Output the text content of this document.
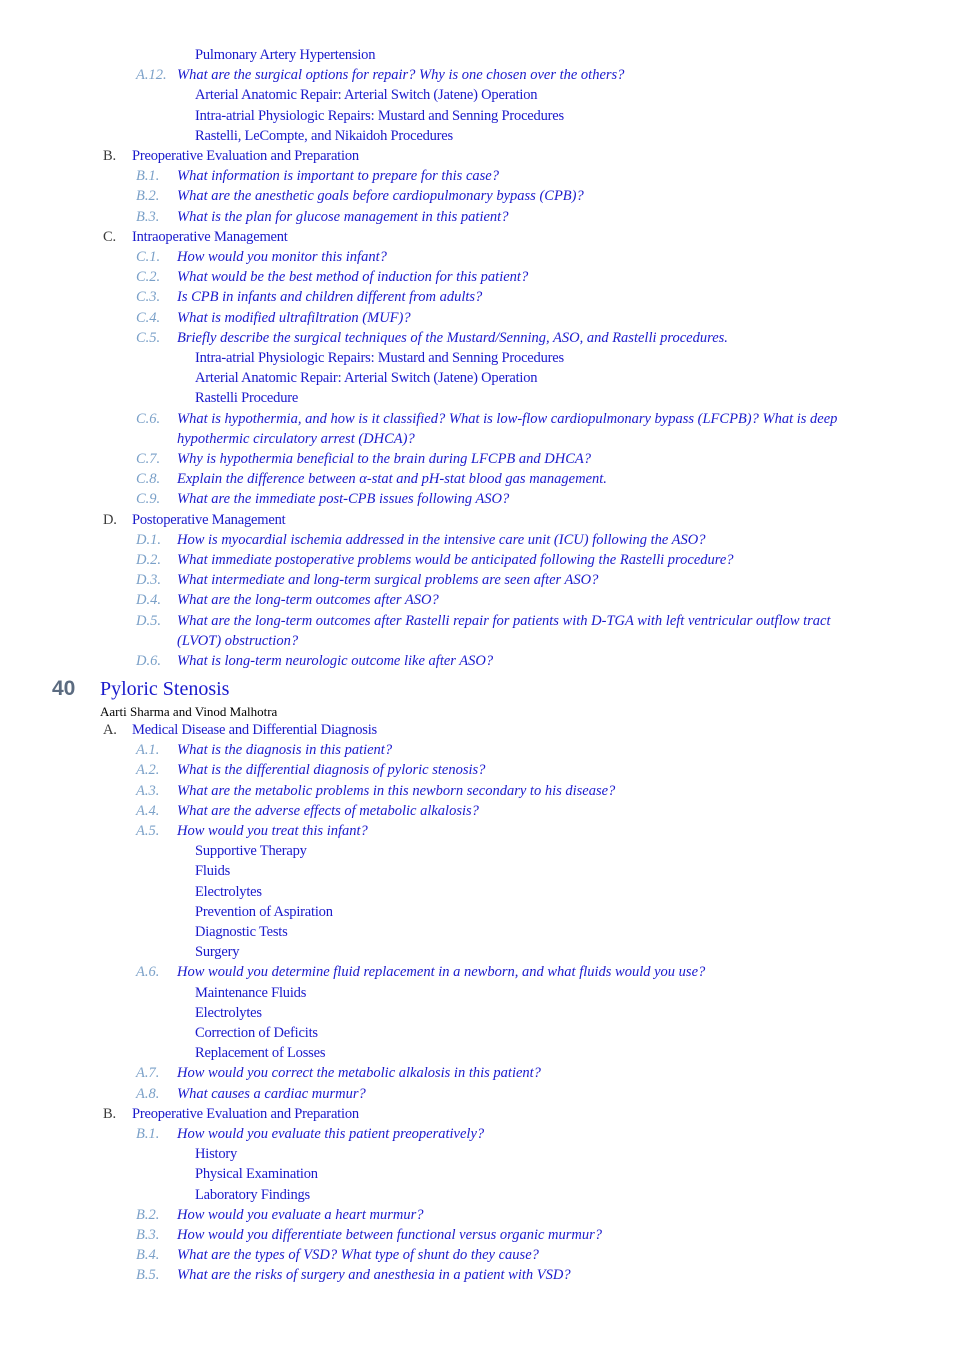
40 Pyloric Stenosis
Aarti Sharma and Vinod Malhotra
Pulmonary Artery Hypertension
A.12. What are the surgical options for repair? Why is one chosen over the others?
Arterial Anatomic Repair: Arterial Switch (Jatene) Operation
Intra-atrial Physiologic Repairs: Mustard and Senning Procedures
Rastelli, LeCompte, and Nikaidoh Procedures
B. Preoperative Evaluation and Preparation
B.1. What information is important to prepare for this case?
B.2. What are the anesthetic goals before cardiopulmonary bypass (CPB)?
B.3. What is the plan for glucose management in this patient?
C. Intraoperative Management
C.1. How would you monitor this infant?
C.2. What would be the best method of induction for this patient?
C.3. Is CPB in infants and children different from adults?
C.4. What is modified ultrafiltration (MUF)?
C.5. Briefly describe the surgical techniques of the Mustard/Senning, ASO, and Rastelli procedures.
Intra-atrial Physiologic Repairs: Mustard and Senning Procedures
Arterial Anatomic Repair: Arterial Switch (Jatene) Operation
Rastelli Procedure
C.6. What is hypothermia, and how is it classified? What is low-flow cardiopulmonary bypass (LFCPB)? What is deep
hypothermic circulatory arrest (DHCA)?
C.7. Why is hypothermia beneficial to the brain during LFCPB and DHCA?
C.8. Explain the difference between α-stat and pH-stat blood gas management.
C.9. What are the immediate post-CPB issues following ASO?
D. Postoperative Management
D.1. How is myocardial ischemia addressed in the intensive care unit (ICU) following the ASO?
D.2. What immediate postoperative problems would be anticipated following the Rastelli procedure?
D.3. What intermediate and long-term surgical problems are seen after ASO?
D.4. What are the long-term outcomes after ASO?
D.5. What are the long-term outcomes after Rastelli repair for patients with D-TGA with left ventricular outflow tract
(LVOT) obstruction?
D.6. What is long-term neurologic outcome like after ASO?
A. Medical Disease and Differential Diagnosis
A.1. What is the diagnosis in this patient?
A.2. What is the differential diagnosis of pyloric stenosis?
A.3. What are the metabolic problems in this newborn secondary to his disease?
A.4. What are the adverse effects of metabolic alkalosis?
A.5. How would you treat this infant?
Supportive Therapy
Fluids
Electrolytes
Prevention of Aspiration
Diagnostic Tests
Surgery
A.6. How would you determine fluid replacement in a newborn, and what fluids would you use?
Maintenance Fluids
Electrolytes
Correction of Deficits
Replacement of Losses
A.7. How would you correct the metabolic alkalosis in this patient?
A.8. What causes a cardiac murmur?
B. Preoperative Evaluation and Preparation
B.1. How would you evaluate this patient preoperatively?
History
Physical Examination
Laboratory Findings
B.2. How would you evaluate a heart murmur?
B.3. How would you differentiate between functional versus organic murmur?
B.4. What are the types of VSD? What type of shunt do they cause?
B.5. What are the risks of surgery and anesthesia in a patient with VSD?
